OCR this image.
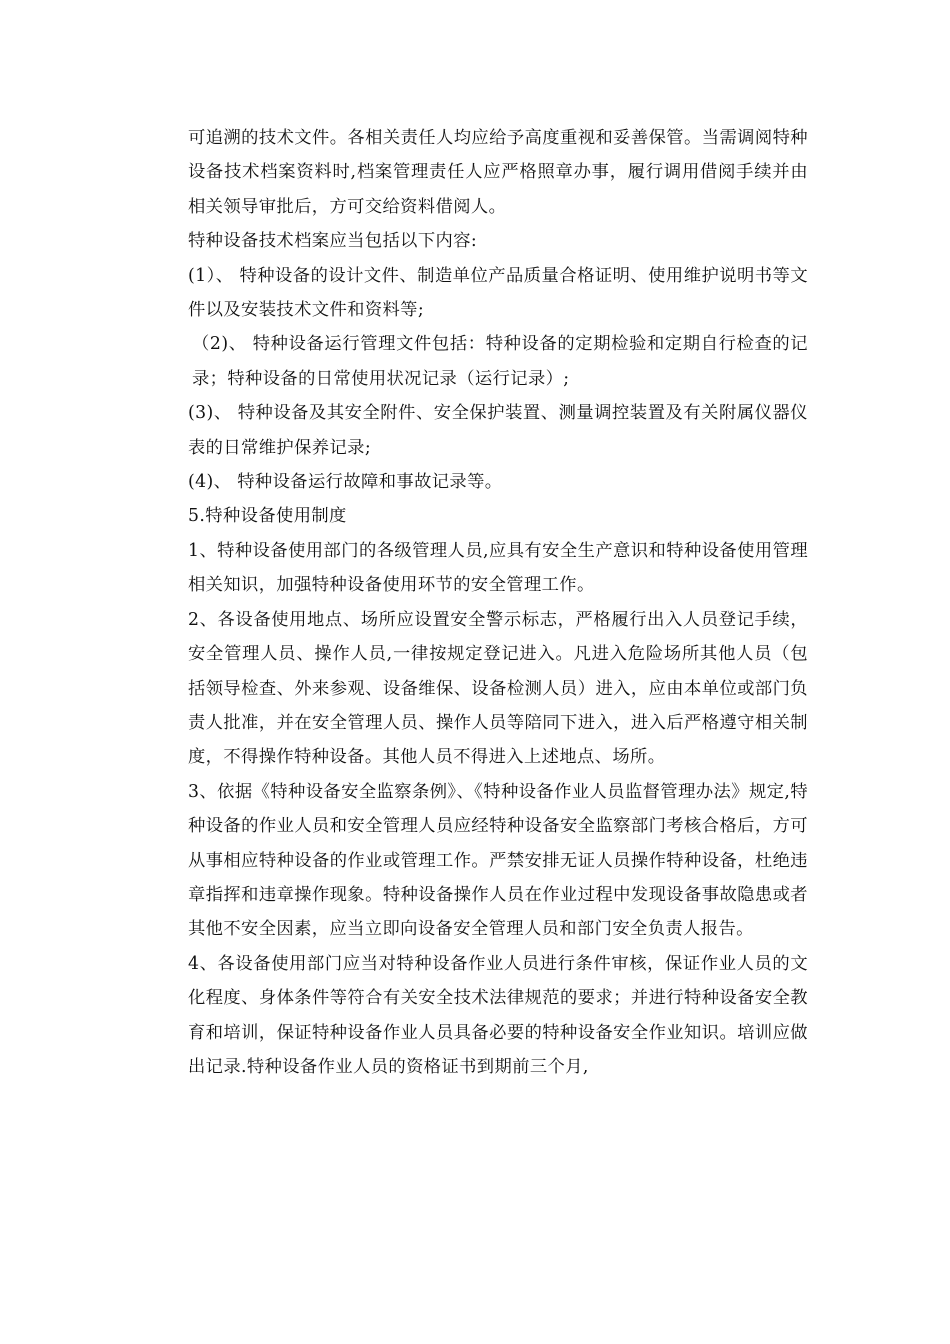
可追溯的技术文件。各相关责任人均应给予高度重视和妥善保管。当需调阅特种设备技术档案资料时,档案管理责任人应严格照章办事，履行调用借阅手续并由相关领导审批后，方可交给资料借阅人。

特种设备技术档案应当包括以下内容:

(1）、 特种设备的设计文件、制造单位产品质量合格证明、使用维护说明书等文件以及安装技术文件和资料等;

（2)、 特种设备运行管理文件包括：特种设备的定期检验和定期自行检查的记录；特种设备的日常使用状况记录（运行记录）;

(3)、 特种设备及其安全附件、安全保护装置、测量调控装置及有关附属仪器仪表的日常维护保养记录;

(4)、 特种设备运行故障和事故记录等。

5.特种设备使用制度

1、特种设备使用部门的各级管理人员,应具有安全生产意识和特种设备使用管理相关知识，加强特种设备使用环节的安全管理工作。

2、各设备使用地点、场所应设置安全警示标志，严格履行出入人员登记手续，安全管理人员、操作人员,一律按规定登记进入。凡进入危险场所其他人员（包括领导检查、外来参观、设备维保、设备检测人员）进入，应由本单位或部门负责人批准，并在安全管理人员、操作人员等陪同下进入，进入后严格遵守相关制度，不得操作特种设备。其他人员不得进入上述地点、场所。

3、依据《特种设备安全监察条例》、《特种设备作业人员监督管理办法》规定,特种设备的作业人员和安全管理人员应经特种设备安全监察部门考核合格后，方可从事相应特种设备的作业或管理工作。严禁安排无证人员操作特种设备，杜绝违章指挥和违章操作现象。特种设备操作人员在作业过程中发现设备事故隐患或者其他不安全因素，应当立即向设备安全管理人员和部门安全负责人报告。

4、各设备使用部门应当对特种设备作业人员进行条件审核，保证作业人员的文化程度、身体条件等符合有关安全技术法律规范的要求；并进行特种设备安全教育和培训，保证特种设备作业人员具备必要的特种设备安全作业知识。培训应做出记录.特种设备作业人员的资格证书到期前三个月,
